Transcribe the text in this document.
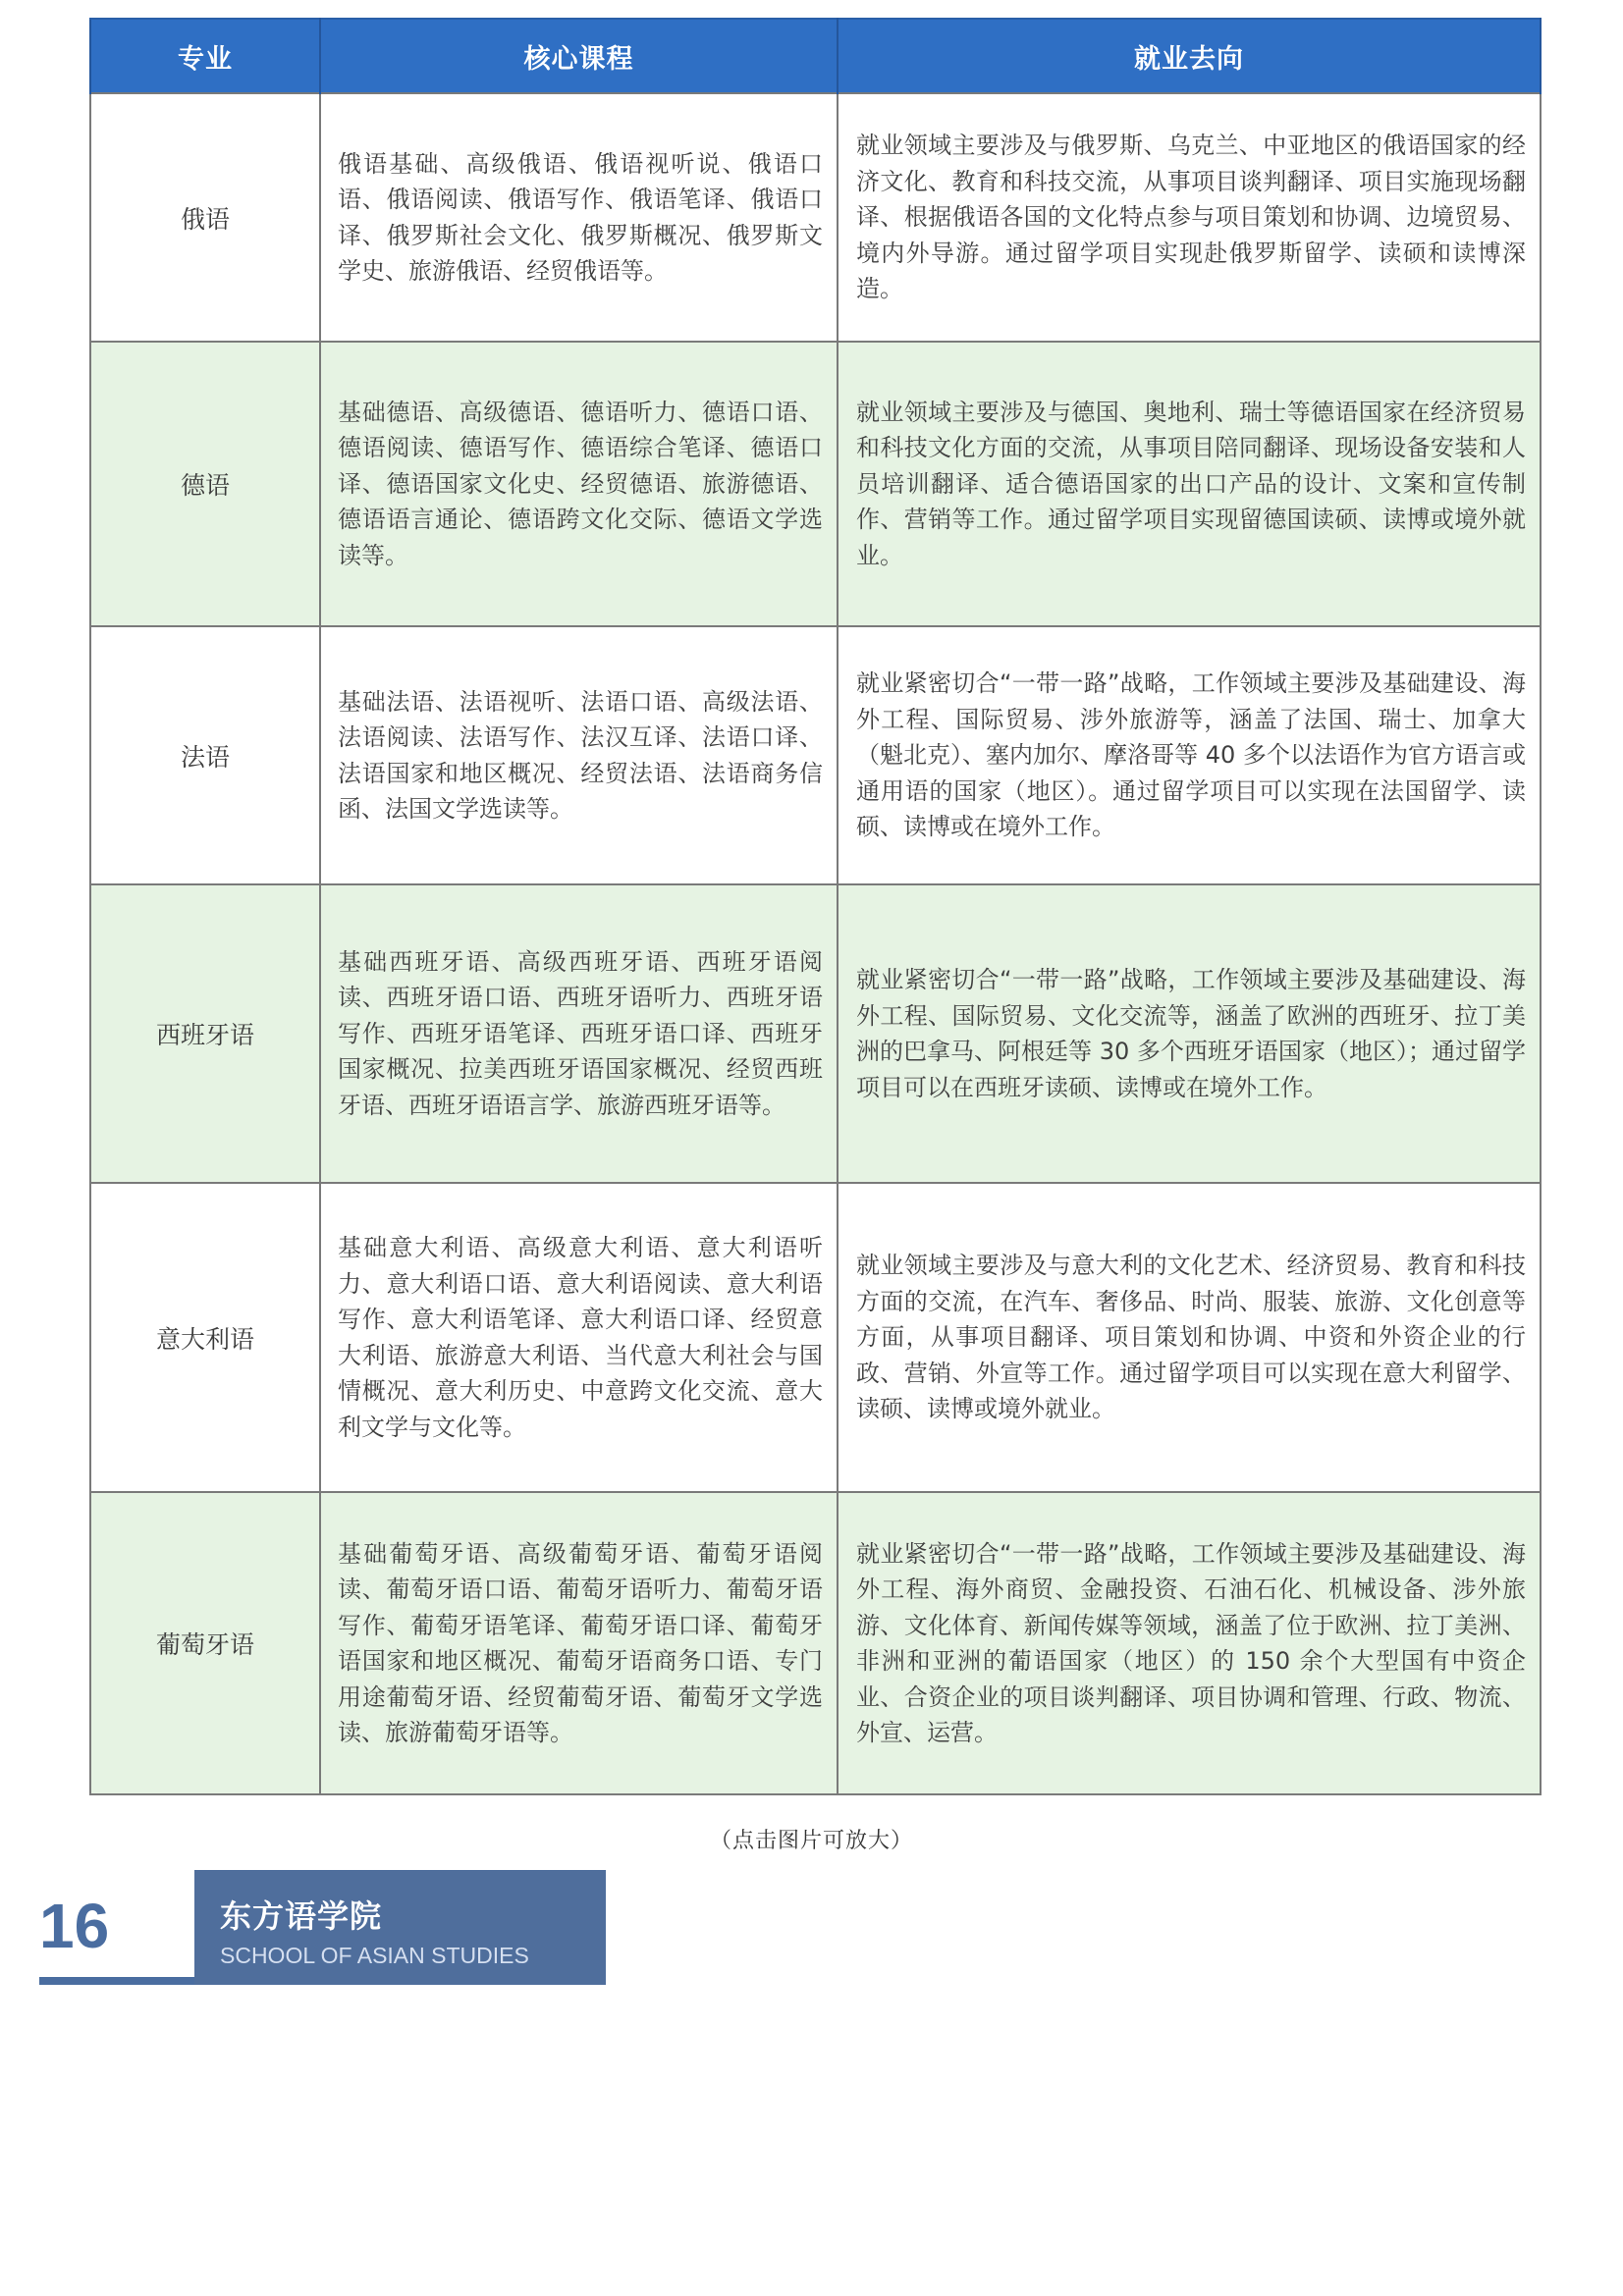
专业	核心课程	就业去向
俄语	俄语基础、高级俄语、俄语视听说、俄语口语、俄语阅读、俄语写作、俄语笔译、俄语口译、俄罗斯社会文化、俄罗斯概况、俄罗斯文学史、旅游俄语、经贸俄语等。	就业领域主要涉及与俄罗斯、乌克兰、中亚地区的俄语国家的经济文化、教育和科技交流，从事项目谈判翻译、项目实施现场翻译、根据俄语各国的文化特点参与项目策划和协调、边境贸易、境内外导游。通过留学项目实现赴俄罗斯留学、读硕和读博深造。

德语	基础德语、高级德语、德语听力、德语口语、德语阅读、德语写作、德语综合笔译、德语口译、德语国家文化史、经贸德语、旅游德语、德语语言通论、德语跨文化交际、德语文学选读等。	就业领域主要涉及与德国、奥地利、瑞士等德语国家在经济贸易和科技文化方面的交流，从事项目陪同翻译、现场设备安装和人员培训翻译、适合德语国家的出口产品的设计、文案和宣传制作、营销等工作。通过留学项目实现留德国读硕、读博或境外就业。

法语	基础法语、法语视听、法语口语、高级法语、法语阅读、法语写作、法汉互译、法语口译、法语国家和地区概况、经贸法语、法语商务信函、法国文学选读等。	就业紧密切合“一带一路”战略，工作领域主要涉及基础建设、海外工程、国际贸易、涉外旅游等，涵盖了法国、瑞士、加拿大（魁北克）、塞内加尔、摩洛哥等 40 多个以法语作为官方语言或通用语的国家（地区）。通过留学项目可以实现在法国留学、读硕、读博或在境外工作。

西班牙语	基础西班牙语、高级西班牙语、西班牙语阅读、西班牙语口语、西班牙语听力、西班牙语写作、西班牙语笔译、西班牙语口译、西班牙国家概况、拉美西班牙语国家概况、经贸西班牙语、西班牙语语言学、旅游西班牙语等。	就业紧密切合“一带一路”战略，工作领域主要涉及基础建设、海外工程、国际贸易、文化交流等，涵盖了欧洲的西班牙、拉丁美洲的巴拿马、阿根廷等 30 多个西班牙语国家（地区）；通过留学项目可以在西班牙读硕、读博或在境外工作。

意大利语	基础意大利语、高级意大利语、意大利语听力、意大利语口语、意大利语阅读、意大利语写作、意大利语笔译、意大利语口译、经贸意大利语、旅游意大利语、当代意大利社会与国情概况、意大利历史、中意跨文化交流、意大利文学与文化等。	就业领域主要涉及与意大利的文化艺术、经济贸易、教育和科技方面的交流，在汽车、奢侈品、时尚、服装、旅游、文化创意等方面，从事项目翻译、项目策划和协调、中资和外资企业的行政、营销、外宣等工作。通过留学项目可以实现在意大利留学、读硕、读博或境外就业。

葡萄牙语	基础葡萄牙语、高级葡萄牙语、葡萄牙语阅读、葡萄牙语口语、葡萄牙语听力、葡萄牙语写作、葡萄牙语笔译、葡萄牙语口译、葡萄牙语国家和地区概况、葡萄牙语商务口语、专门用途葡萄牙语、经贸葡萄牙语、葡萄牙文学选读、旅游葡萄牙语等。	就业紧密切合“一带一路”战略，工作领域主要涉及基础建设、海外工程、海外商贸、金融投资、石油石化、机械设备、涉外旅游、文化体育、新闻传媒等领域，涵盖了位于欧洲、拉丁美洲、非洲和亚洲的葡语国家（地区）的 150 余个大型国有中资企业、合资企业的项目谈判翻译、项目协调和管理、行政、物流、外宣、运营。
（点击图片可放大）
16	东方语学院
SCHOOL OF ASIAN STUDIES
